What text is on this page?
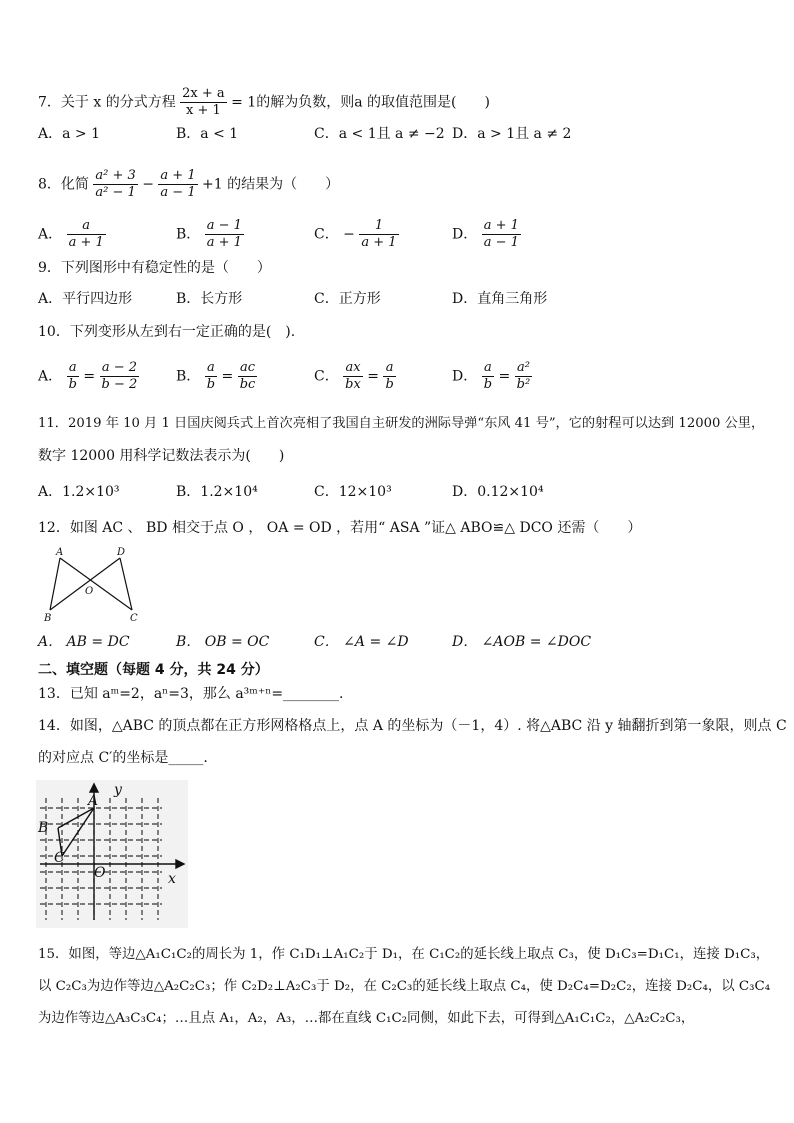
7．关于 x 的分式方程 $\frac{2x + a}{x + 1} = 1$的解为负数，则a 的取值范围是(　　)
A．a > 1	B．a < 1	C．a < 1且 a ≠ −2 D．a > 1且 a ≠ 2
8．化简 $\frac{\text{a² + 3}}{\text{a² − 1}} - \frac{a + 1}{a - 1} +1$ 的结果为（　　）
A． $\frac{a}{a + 1}$	B． $\frac{a - 1}{a + 1}$	C． − $\frac{1}{a + 1}$	D． $\frac{a + 1}{a - 1}$
9．下列图形中有稳定性的是（　　）
A．平行四边形	B．长方形	C．正方形	D．直角三角形
10．下列变形从左到右一定正确的是(　).
A． $\frac{a}{b} = \frac{a - 2}{b - 2}$	B． $\frac{a}{b} = \frac{ac}{bc}$	C． $\frac{ax}{bx} = \frac{a}{b}$	D． $\frac{a}{b} = \frac{\text{a²}}{\text{b²}}$
11．2019 年 10 月 1 日国庆阅兵式上首次亮相了我国自主研发的洲际导弹“东风 41 号”，它的射程可以达到 12000 公里，
数字 12000 用科学记数法表示为(　　)
A．1.2×10³	B．1.2×10⁴	C．12×10³	D．0.12×10⁴
12．如图 AC 、 BD 相交于点 O ， OA = OD ，若用“ ASA ”证△ ABO≌△ DCO 还需（　　）
A	D
O
B	C
A． AB = DC	B． OB = OC	C． ∠A = ∠D	D． ∠AOB = ∠DOC
二、填空题（每题 4 分，共 24 分）
13．已知 aᵐ=2，aⁿ=3，那么 a³ᵐ⁺ⁿ=________.
14．如图，△ABC 的顶点都在正方形网格格点上，点 A 的坐标为（－1，4）. 将△ABC 沿 y 轴翻折到第一象限，则点 C
的对应点 C′的坐标是_____.
A
B
C
O	x
y
15．如图，等边△A₁C₁C₂的周长为 1，作 C₁D₁⊥A₁C₂于 D₁，在 C₁C₂的延长线上取点 C₃，使 D₁C₃=D₁C₁，连接 D₁C₃，
以 C₂C₃为边作等边△A₂C₂C₃；作 C₂D₂⊥A₂C₃于 D₂，在 C₂C₃的延长线上取点 C₄，使 D₂C₄=D₂C₂，连接 D₂C₄，以 C₃C₄
为边作等边△A₃C₃C₄；…且点 A₁，A₂，A₃，…都在直线 C₁C₂同侧，如此下去，可得到△A₁C₁C₂，△A₂C₂C₃，
